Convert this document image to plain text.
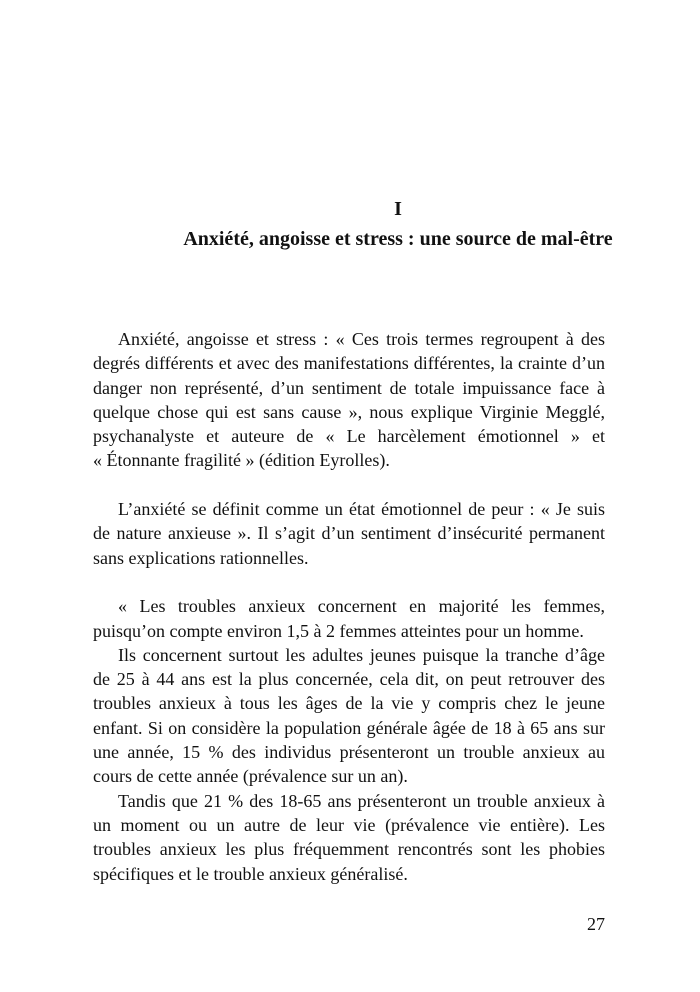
I
Anxiété, angoisse et stress : une source de mal-être
Anxiété, angoisse et stress : « Ces trois termes regroupent à des
degrés différents et avec des manifestations différentes, la crainte d’un
danger non représenté, d’un sentiment de totale impuissance face à
quelque chose qui est sans cause », nous explique Virginie Megglé,
psychanalyste et auteure de « Le harcèlement émotionnel » et
« Étonnante fragilité » (édition Eyrolles).
L’anxiété se définit comme un état émotionnel de peur : « Je suis
de nature anxieuse ». Il s’agit d’un sentiment d’insécurité permanent
sans explications rationnelles.
« Les troubles anxieux concernent en majorité les femmes,
puisqu’on compte environ 1,5 à 2 femmes atteintes pour un homme.
Ils concernent surtout les adultes jeunes puisque la tranche d’âge
de 25 à 44 ans est la plus concernée, cela dit, on peut retrouver des
troubles anxieux à tous les âges de la vie y compris chez le jeune
enfant. Si on considère la population générale âgée de 18 à 65 ans sur
une année, 15 % des individus présenteront un trouble anxieux au
cours de cette année (prévalence sur un an).
Tandis que 21 % des 18-65 ans présenteront un trouble anxieux à
un moment ou un autre de leur vie (prévalence vie entière). Les
troubles anxieux les plus fréquemment rencontrés sont les phobies
spécifiques et le trouble anxieux généralisé.
27
